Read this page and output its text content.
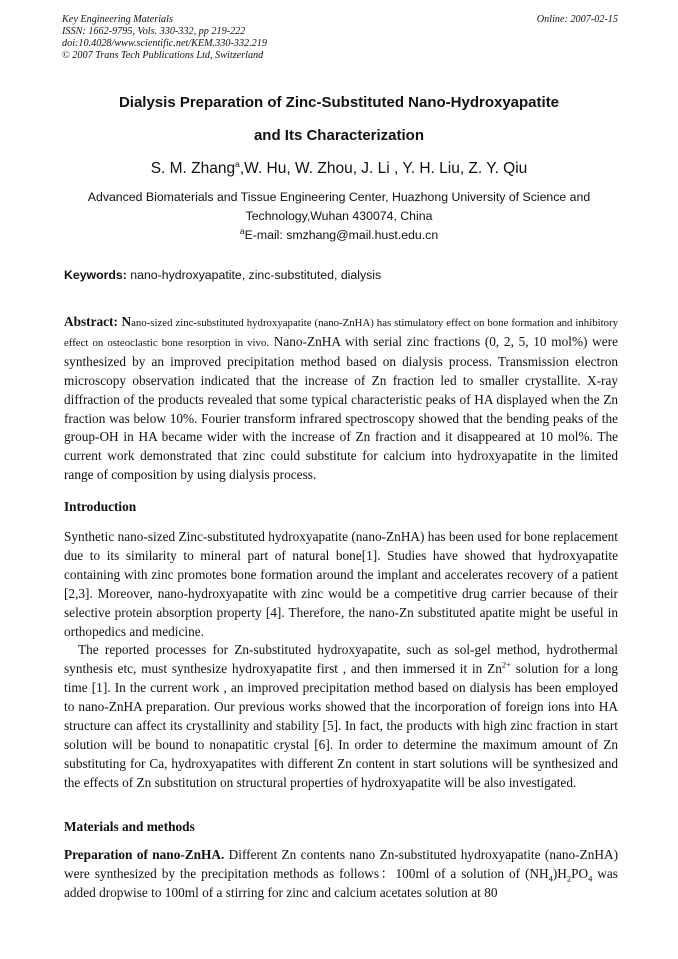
Key Engineering Materials
ISSN: 1662-9795, Vols. 330-332, pp 219-222
doi:10.4028/www.scientific.net/KEM.330-332.219
© 2007 Trans Tech Publications Ltd, Switzerland
Online: 2007-02-15
Dialysis Preparation of Zinc-Substituted Nano-Hydroxyapatite
and Its Characterization
S. M. Zhang$^a$,W. Hu, W. Zhou, J. Li , Y. H. Liu, Z. Y. Qiu
Advanced Biomaterials and Tissue Engineering Center, Huazhong University of Science and
Technology,Wuhan 430074, China
$^a$E-mail: smzhang@mail.hust.edu.cn
Keywords: nano-hydroxyapatite, zinc-substituted, dialysis

Abstract: Nano-sized zinc-substituted hydroxyapatite (nano-ZnHA) has stimulatory effect on bone formation and inhibitory effect on osteoclastic bone resorption in vivo. Nano-ZnHA with serial zinc fractions (0, 2, 5, 10 mol%) were synthesized by an improved precipitation method based on dialysis process. Transmission electron microscopy observation indicated that the increase of Zn fraction led to smaller crystallite. X-ray diffraction of the products revealed that some typical characteristic peaks of HA displayed when the Zn fraction was below 10%. Fourier transform infrared spectroscopy showed that the bending peaks of the group-OH in HA became wider with the increase of Zn fraction and it disappeared at 10 mol%. The current work demonstrated that zinc could substitute for calcium into hydroxyapatite in the limited range of composition by using dialysis process.

Introduction

Synthetic nano-sized Zinc-substituted hydroxyapatite (nano-ZnHA) has been used for bone replacement due to its similarity to mineral part of natural bone[1]. Studies have showed that hydroxyapatite containing with zinc promotes bone formation around the implant and accelerates recovery of a patient [2,3]. Moreover, nano-hydroxyapatite with zinc would be a competitive drug carrier because of their selective protein absorption property [4]. Therefore, the nano-Zn substituted apatite might be useful in orthopedics and medicine.

The reported processes for Zn-substituted hydroxyapatite, such as sol-gel method, hydrothermal synthesis etc, must synthesize hydroxyapatite first , and then immersed it in $Zn^{2+}$ solution for a long time [1]. In the current work , an improved precipitation method based on dialysis has been employed to nano-ZnHA preparation. Our previous works showed that the incorporation of foreign ions into HA structure can affect its crystallinity and stability [5]. In fact, the products with high zinc fraction in start solution will be bound to nonapatitic crystal [6]. In order to determine the maximum amount of Zn substituting for Ca, hydroxyapatites with different Zn content in start solutions will be synthesized and the effects of Zn substitution on structural properties of hydroxyapatite will be also investigated.

Materials and methods

Preparation of nano-ZnHA. Different Zn contents nano Zn-substituted hydroxyapatite (nano-ZnHA) were synthesized by the precipitation methods as follows：100ml of a solution of $(NH_4)H_2PO_4$ was added dropwise to 100ml of a stirring for zinc and calcium acetates solution at 80
